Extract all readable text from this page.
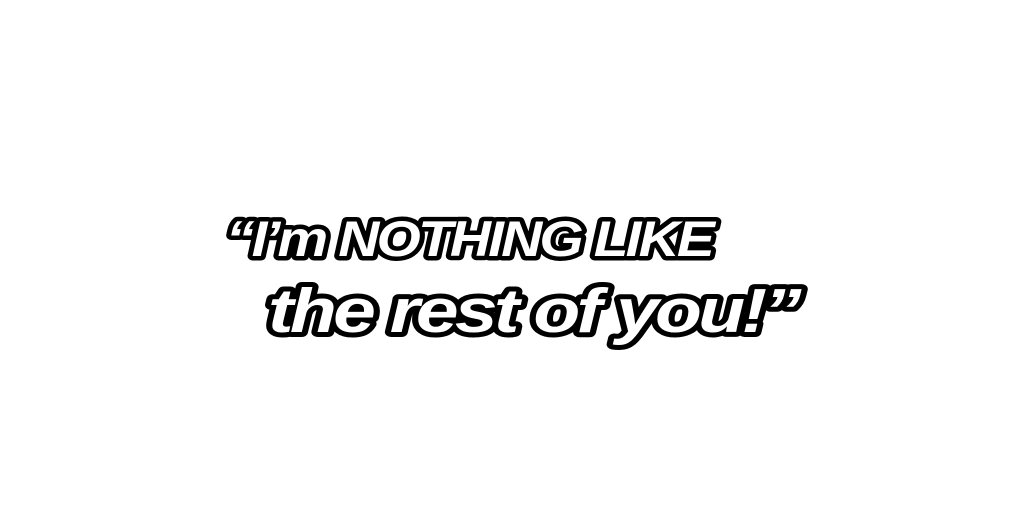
“I’m NOTHING LIKE
the rest of you!”
